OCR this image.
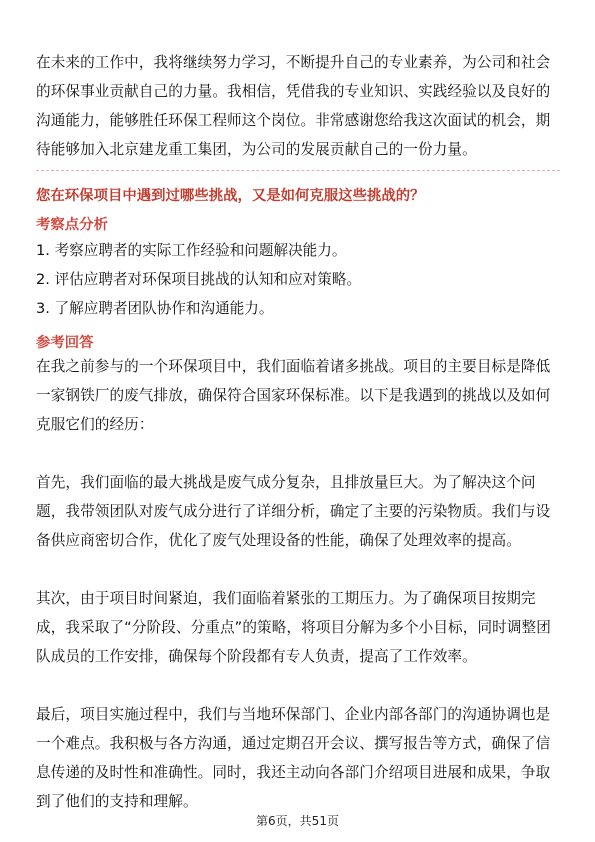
在未来的工作中，我将继续努力学习，不断提升自己的专业素养，为公司和社会的环保事业贡献自己的力量。我相信，凭借我的专业知识、实践经验以及良好的沟通能力，能够胜任环保工程师这个岗位。非常感谢您给我这次面试的机会，期待能够加入北京建龙重工集团，为公司的发展贡献自己的一份力量。

您在环保项目中遇到过哪些挑战，又是如何克服这些挑战的？

考察点分析

1. 考察应聘者的实际工作经验和问题解决能力。

2. 评估应聘者对环保项目挑战的认知和应对策略。

3. 了解应聘者团队协作和沟通能力。

参考回答

在我之前参与的一个环保项目中，我们面临着诸多挑战。项目的主要目标是降低一家钢铁厂的废气排放，确保符合国家环保标准。以下是我遇到的挑战以及如何克服它们的经历：

首先，我们面临的最大挑战是废气成分复杂，且排放量巨大。为了解决这个问题，我带领团队对废气成分进行了详细分析，确定了主要的污染物质。我们与设备供应商密切合作，优化了废气处理设备的性能，确保了处理效率的提高。

其次，由于项目时间紧迫，我们面临着紧张的工期压力。为了确保项目按期完成，我采取了“分阶段、分重点”的策略，将项目分解为多个小目标，同时调整团队成员的工作安排，确保每个阶段都有专人负责，提高了工作效率。

最后，项目实施过程中，我们与当地环保部门、企业内部各部门的沟通协调也是一个难点。我积极与各方沟通，通过定期召开会议、撰写报告等方式，确保了信息传递的及时性和准确性。同时，我还主动向各部门介绍项目进展和成果，争取到了他们的支持和理解。

第6页，共51页
